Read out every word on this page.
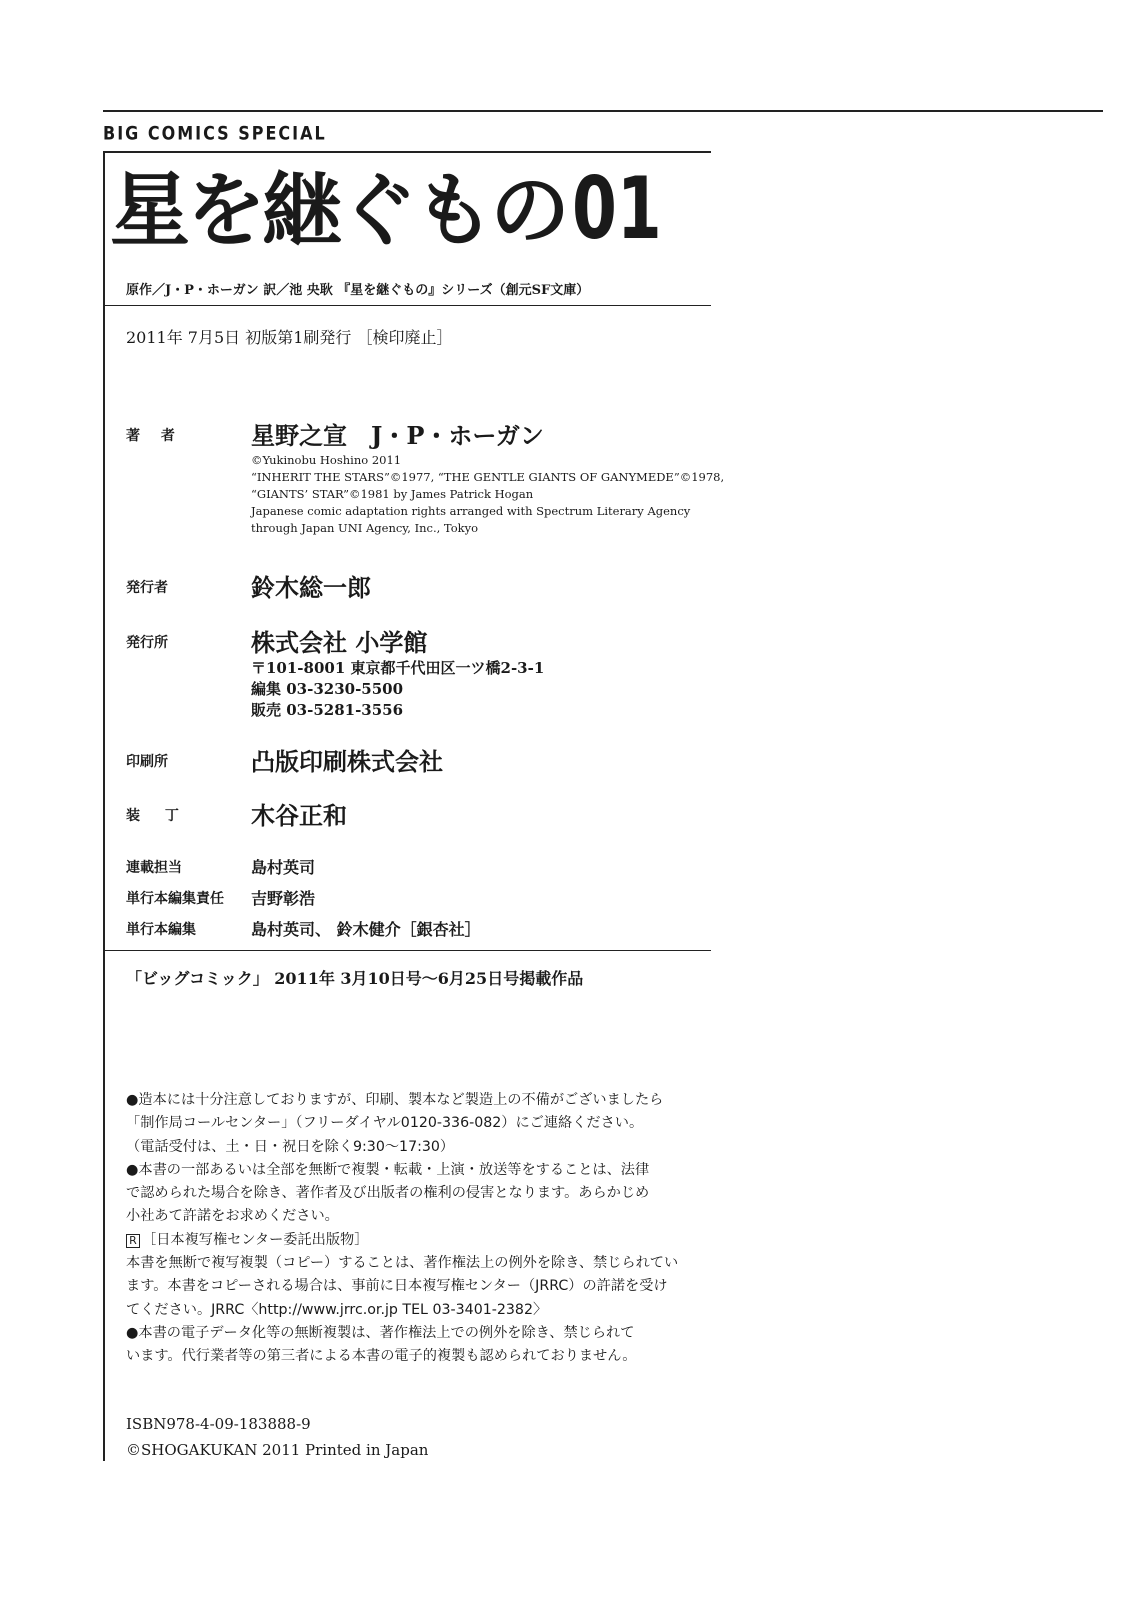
BIG COMICS SPECIAL
星を継ぐもの01
原作／J・P・ホーガン 訳／池 央耿 『星を継ぐもの』シリーズ（創元SF文庫）
2011年 7月5日 初版第1刷発行 ［検印廃止］
著 者	星野之宣　J・P・ホーガン
©Yukinobu Hoshino 2011
“INHERIT THE STARS”©1977, “THE GENTLE GIANTS OF GANYMEDE”©1978,
“GIANTS’ STAR”©1981 by James Patrick Hogan
Japanese comic adaptation rights arranged with Spectrum Literary Agency
through Japan UNI Agency, Inc., Tokyo
発行者	鈴木総一郎
発行所	株式会社 小学館
〒101-8001 東京都千代田区一ツ橋2-3-1
編集 03-3230-5500
販売 03-5281-3556
印刷所	凸版印刷株式会社
装 丁	木谷正和
連載担当	島村英司
単行本編集責任 吉野彰浩
単行本編集	島村英司、 鈴木健介［銀杏社］
「ビッグコミック」 2011年 3月10日号〜6月25日号掲載作品
●造本には十分注意しておりますが、印刷、製本など製造上の不備がございましたら
「制作局コールセンター」（フリーダイヤル0120-336-082）にご連絡ください。
（電話受付は、土・日・祝日を除く9:30〜17:30）
●本書の一部あるいは全部を無断で複製・転載・上演・放送等をすることは、法律
で認められた場合を除き、著作者及び出版者の権利の侵害となります。あらかじめ
小社あて許諾をお求めください。
R ［日本複写権センター委託出版物］
本書を無断で複写複製（コピー）することは、著作権法上の例外を除き、禁じられてい
ます。本書をコピーされる場合は、事前に日本複写権センター（JRRC）の許諾を受け
てください。JRRC〈http://www.jrrc.or.jp TEL 03-3401-2382〉
●本書の電子データ化等の無断複製は、著作権法上での例外を除き、禁じられて
います。代行業者等の第三者による本書の電子的複製も認められておりません。
ISBN978-4-09-183888-9
©SHOGAKUKAN 2011 Printed in Japan
